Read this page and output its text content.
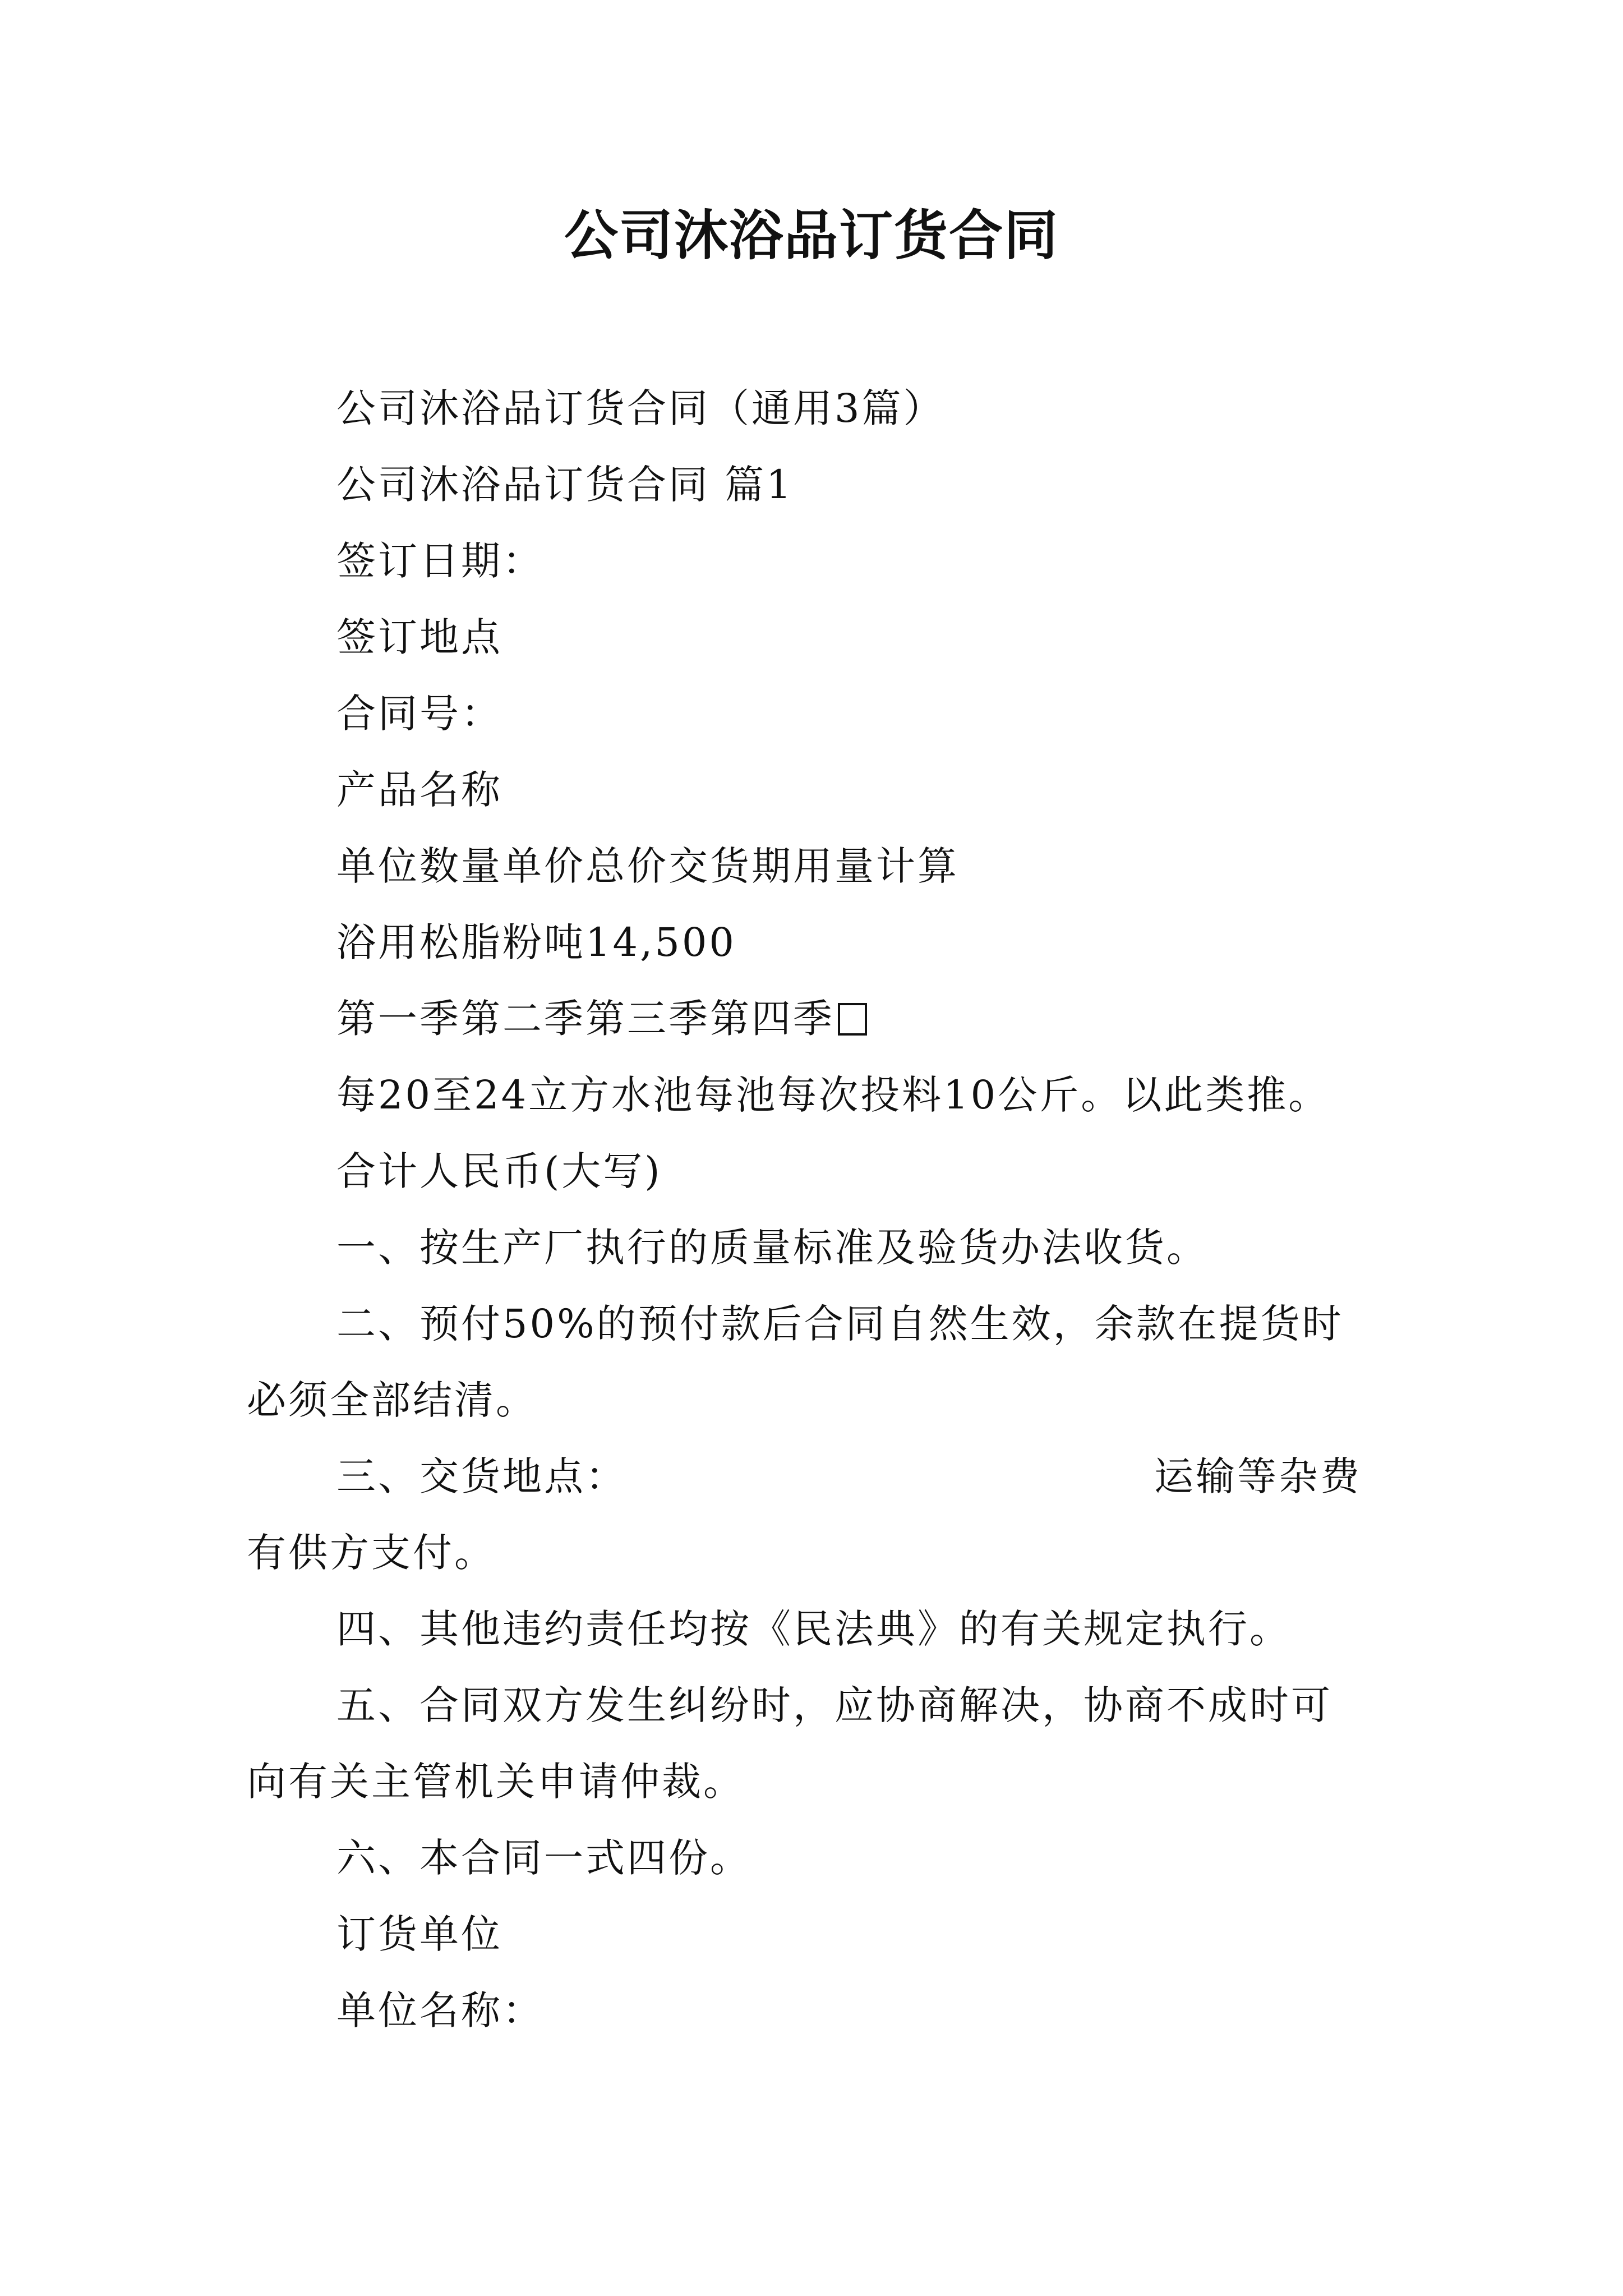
公司沐浴品订货合同

公司沐浴品订货合同（通用3篇）

公司沐浴品订货合同 篇1

签订日期：

签订地点

合同号：

产品名称

单位数量单价总价交货期用量计算

浴用松脂粉吨14,500

第一季第二季第三季第四季

每20至24立方水池每池每次投料10公斤。以此类推。

合计人民币(大写)

一、按生产厂执行的质量标准及验货办法收货。

二、预付50%的预付款后合同自然生效，余款在提货时

必须全部结清。

三、交货地点：	运输等杂费

有供方支付。

四、其他违约责任均按《民法典》的有关规定执行。

五、合同双方发生纠纷时，应协商解决，协商不成时可

向有关主管机关申请仲裁。

六、本合同一式四份。

订货单位

单位名称：
